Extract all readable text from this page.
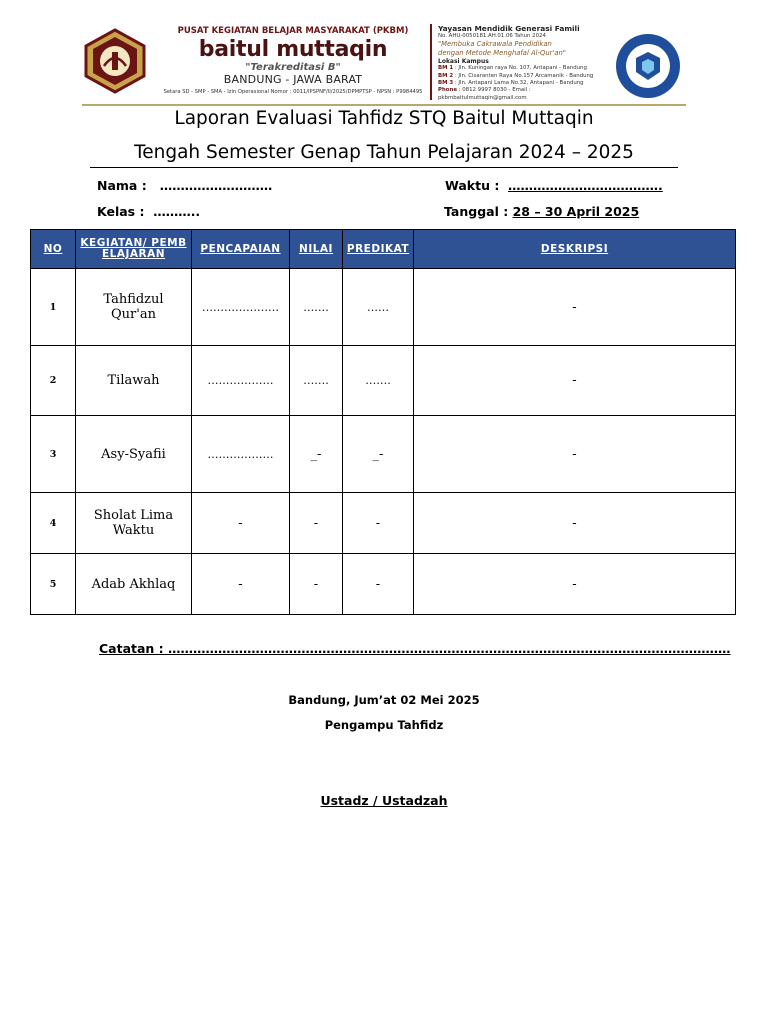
PUSAT KEGIATAN BELAJAR MASYARAKAT (PKBM)
baitul muttaqin
"Terakreditasi B"
BANDUNG - JAWA BARAT
Setara SD - SMP - SMA - Izin Operasional Nomor : 0011/IPSPNF/II/2025/DPMPTSP - NPSN : P9984495
Yayasan Mendidik Generasi Famili
No. AHU-0050181.AH.01.06 Tahun 2024
"Membuka Cakrawala Pendidikan
dengan Metode Menghafal Al-Qur'an"
Lokasi Kampus
BM 1 : Jln. Kuningan raya No. 107, Antapani - Bandung
BM 2 : Jln. Cisaranten Raya No.157 Arcamanik - Bandung
BM 3 : Jln. Antapani Lama No.32, Antapani - Bandung
Phone : 0812 9997 8030 - Email : pkbmbaitulmuttaqin@gmail.com
Laporan Evaluasi Tahfidz STQ Baitul Muttaqin
Tengah Semester Genap Tahun Pelajaran 2024 – 2025
Nama : ………………………
Kelas : ………..
Waktu : ……………………………….
Tanggal : 28 – 30 April 2025
NO	KEGIATAN/ PEMBELAJARAN	PENCAPAIAN	NILAI	PREDIKAT	DESKRIPSI
1	Tahfidzul Qur'an	…………………	…….	……	-
2	Tilawah	………………	…….	…….	-
3	Asy-Syafii	………………	_-	_-	-
4	Sholat Lima Waktu	-	-	-	-
5	Adab Akhlaq	-	-	-	-
Catatan : ………………………………………………………………………………………………………………………
Bandung, Jum’at 02 Mei 2025
Pengampu Tahfidz
Ustadz / Ustadzah
